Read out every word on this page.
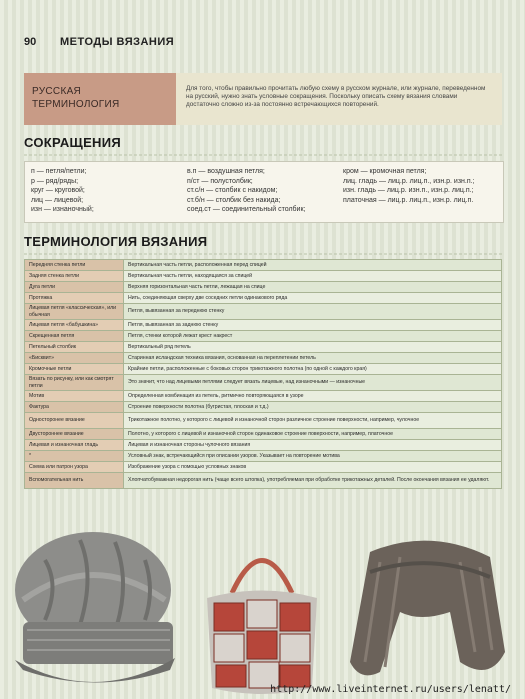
90 МЕТОДЫ ВЯЗАНИЯ
РУССКАЯ
ТЕРМИНОЛОГИЯ
Для того, чтобы правильно прочитать любую схему в русском журнале, или журнале, переведенном на русский, нужно знать условные сокращения. Поскольку описать схему вязания словами достаточно сложно из-за постоянно встречающихся повторений.
СОКРАЩЕНИЯ
п — петля/петли;
р — ряд/ряды;
круг — круговой;
лиц — лицевой;
изн — изнаночный;
в.п — воздушная петля;
п/ст — полустолбик;
ст.с/н — столбик с накидом;
ст.б/н — столбик без накида;
соед.ст — соединительный столбик;
кром — кромочная петля;
лиц. гладь — лиц.р. лиц.п., изн.р. изн.п.;
изн. гладь — лиц.р. изн.п., изн.р. лиц.п.;
платочная — лиц.р. лиц.п., изн.р. лиц.п.
ТЕРМИНОЛОГИЯ ВЯЗАНИЯ
Передняя стенка петли	Вертикальная часть петли, расположенная перед спицей
Задняя стенка петли	Вертикальная часть петли, находящаяся за спицей
Дуга петли	Верхняя горизонтальная часть петли, лежащая на спице
Протяжка	Нить, соединяющая сверху две соседних петли одинакового ряда
Лицевая петля «классическая», или обычная	Петля, вывязанная за переднюю стенку
Лицевая петля «бабушкина»	Петля, вывязанная за заднюю стенку
Скрещенная петля	Петля, стенки которой лежат крест накрест
Петельный столбик	Вертикальный ряд петель
«Бисквит»	Старинная исландская техника вязания, основанная на переплетении петель
Кромочные петли	Крайние петли, расположенные с боковых сторон трикотажного полотна (по одной с каждого края)
Вязать по рисунку, или как смотрят петли	Это значит, что над лицевыми петлями следует вязать лицевые, над изнаночными — изнаночные
Мотив	Определенная комбинация из петель, ритмично повторяющаяся в узоре
Фактура	Строение поверхности полотна (бугристая, плоская и т.д.)
Односторонее вязание	Трикотажное полотно, у которого с лицевой и изнаночной сторон различное строение поверхности, например, чулочное
Двустороннее вязание	Полотно, у которого с лицевой и изнаночной сторон одинаковое строение поверхности, например, платочное
Лицевая и изнаночная гладь	Лицевая и изнаночная стороны чулочного вязания
*	Условный знак, встречающийся при описании узоров. Указывает на повторение мотива
Схема или патрон узора	Изображение узора с помощью условных знаков
Вспомогательная нить	Хлопчатобумажная недорогая нить (чаще всего штопка), употребляемая при обработке трикотажных деталей. После окончания вязания ее удаляют.
http://www.liveinternet.ru/users/lenatt/
